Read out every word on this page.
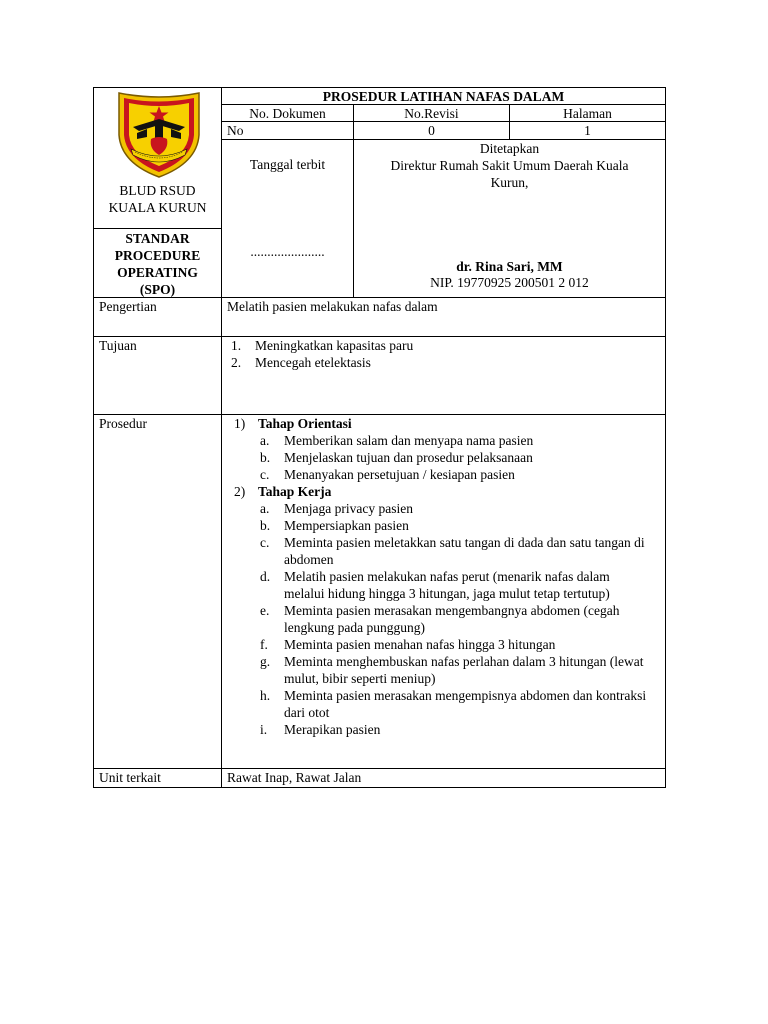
BLUD RSUD
KUALA KURUN
STANDAR
PROCEDURE
OPERATING
(SPO)
PROSEDUR LATIHAN NAFAS DALAM
No. Dokumen	No.Revisi	Halaman
No	0	1
Tanggal terbit
......................
Ditetapkan
Direktur Rumah Sakit Umum Daerah Kuala
Kurun,
dr. Rina Sari, MM
NIP. 19770925 200501 2 012
Pengertian	Melatih pasien melakukan nafas dalam
Tujuan	1.	Meningkatkan kapasitas paru
2.	Mencegah etelektasis
Prosedur	1) Tahap Orientasi
a. Memberikan salam dan menyapa nama pasien
b. Menjelaskan tujuan dan prosedur pelaksanaan
c. Menanyakan persetujuan / kesiapan pasien
2) Tahap Kerja
a. Menjaga privacy pasien
b. Mempersiapkan pasien
c. Meminta pasien meletakkan satu tangan di dada dan satu tangan di abdomen
d. Melatih pasien melakukan nafas perut (menarik nafas dalam melalui hidung hingga 3 hitungan, jaga mulut tetap tertutup)
e. Meminta pasien merasakan mengembangnya abdomen (cegah lengkung pada punggung)
f. Meminta pasien menahan nafas hingga 3 hitungan
g. Meminta menghembuskan nafas perlahan dalam 3 hitungan (lewat mulut, bibir seperti meniup)
h. Meminta pasien merasakan mengempisnya abdomen dan kontraksi dari otot
i. Merapikan pasien
Unit terkait	Rawat Inap, Rawat Jalan
